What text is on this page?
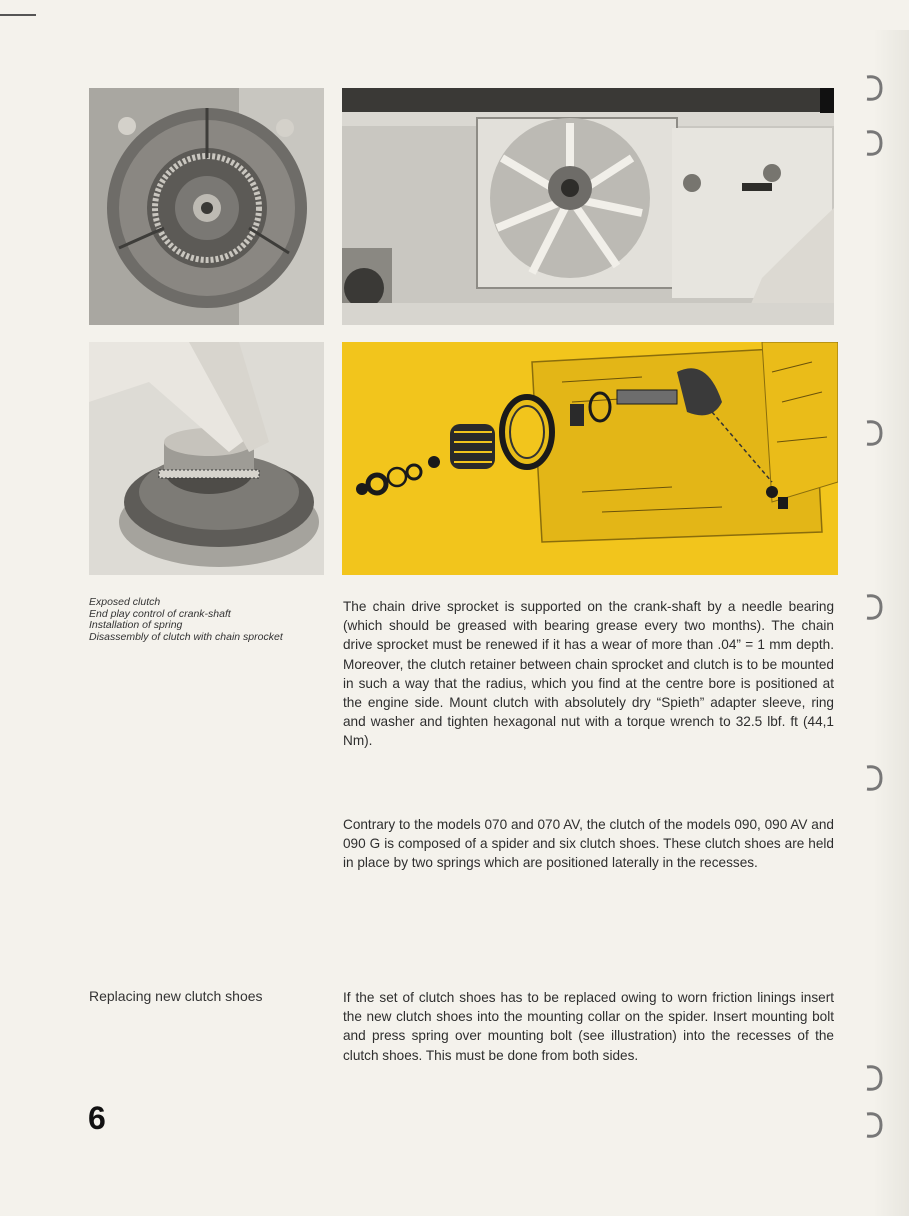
Exposed clutch
End play control of crank-shaft
Installation of spring
Disassembly of clutch with chain sprocket

The chain drive sprocket is supported on the crank-shaft by a needle bearing (which should be greased with bearing grease every two months). The chain drive sprocket must be renewed if it has a wear of more than .04” = 1 mm depth. Moreover, the clutch retainer between chain sprocket and clutch is to be mounted in such a way that the radius, which you find at the centre bore is positioned at the engine side. Mount clutch with absolutely dry “Spieth” adapter sleeve, ring and washer and tighten hexagonal nut with a torque wrench to 32.5 lbf. ft (44,1 Nm).

Contrary to the models 070 and 070 AV, the clutch of the models 090, 090 AV and 090 G is composed of a spider and six clutch shoes. These clutch shoes are held in place by two springs which are positioned laterally in the recesses.

Replacing new clutch shoes	If the set of clutch shoes has to be replaced owing to worn friction linings insert the new clutch shoes into the mounting collar on the spider. Insert mounting bolt and press spring over mounting bolt (see illustration) into the recesses of the clutch shoes. This must be done from both sides.

6
